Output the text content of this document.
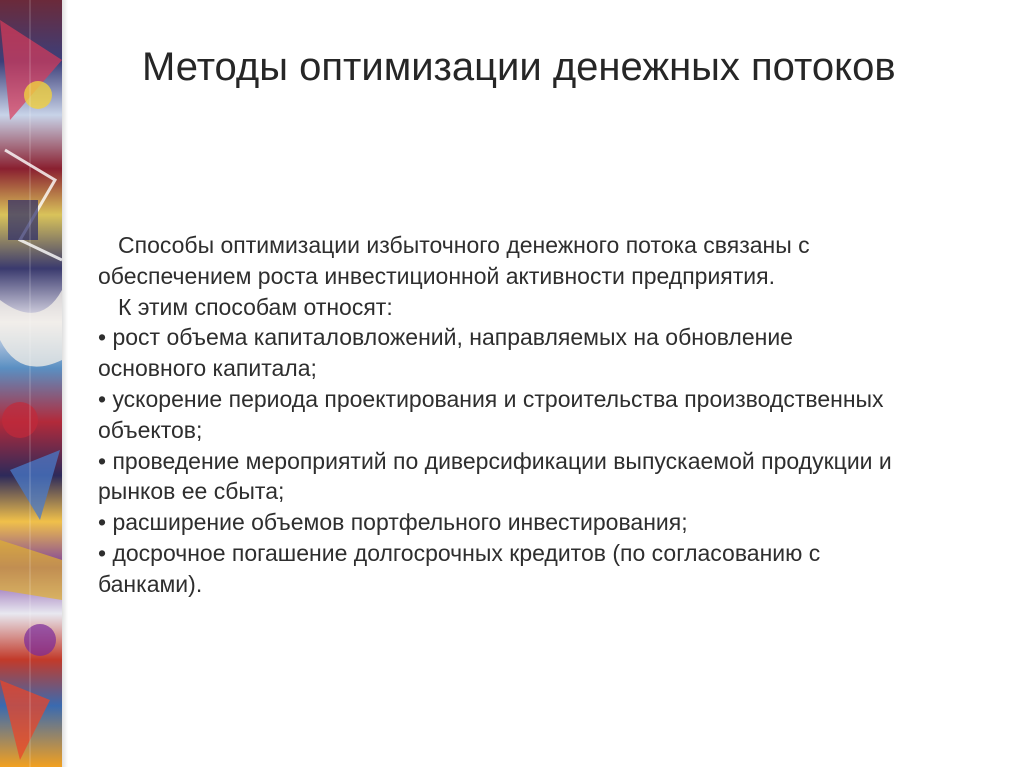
Методы оптимизации денежных потоков

Способы оптимизации избыточного денежного потока связаны с

обеспечением роста инвестиционной активности предприятия.

К этим способам относят:

• рост объема капиталовложений, направляемых на обновление

основного капитала;

• ускорение периода проектирования и строительства производственных

объектов;

• проведение мероприятий по диверсификации выпускаемой продукции и

рынков ее сбыта;

• расширение объемов портфельного инвестирования;

• досрочное погашение долгосрочных кредитов (по согласованию с

банками).
